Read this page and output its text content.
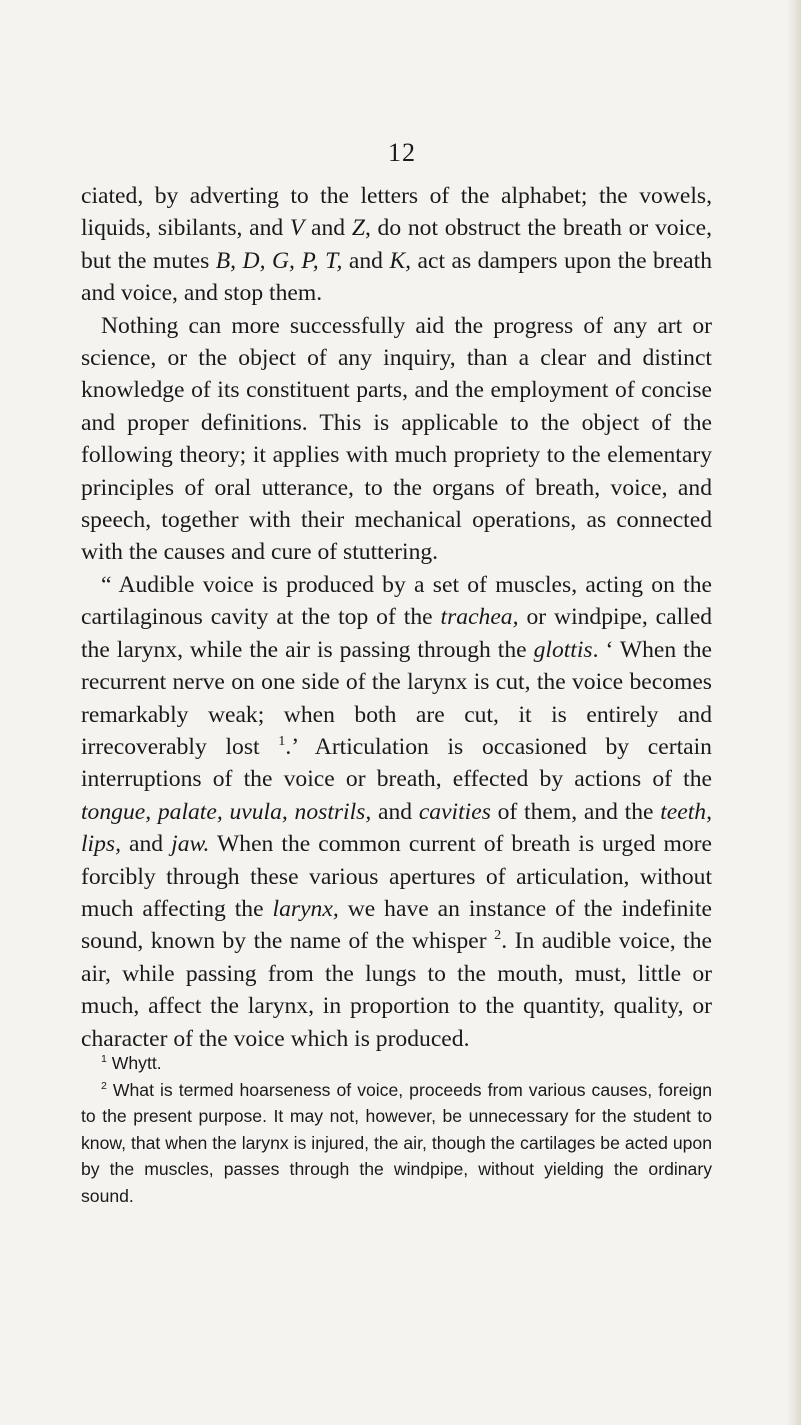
12

ciated, by adverting to the letters of the alphabet; the vowels, liquids, sibilants, and V and Z, do not obstruct the breath or voice, but the mutes B, D, G, P, T, and K, act as dampers upon the breath and voice, and stop them.

Nothing can more successfully aid the progress of any art or science, or the object of any inquiry, than a clear and distinct knowledge of its constituent parts, and the employment of concise and proper definitions. This is applicable to the object of the following theory; it applies with much propriety to the elementary principles of oral utterance, to the organs of breath, voice, and speech, together with their mechanical operations, as connected with the causes and cure of stuttering.

“ Audible voice is produced by a set of muscles, acting on the cartilaginous cavity at the top of the trachea, or windpipe, called the larynx, while the air is passing through the glottis. ‘ When the recurrent nerve on one side of the larynx is cut, the voice becomes remarkably weak; when both are cut, it is entirely and irrecoverably lost $^1$.’ Articulation is occasioned by certain interruptions of the voice or breath, effected by actions of the tongue, palate, uvula, nostrils, and cavities of them, and the teeth, lips, and jaw. When the common current of breath is urged more forcibly through these various apertures of articulation, without much affecting the larynx, we have an instance of the indefinite sound, known by the name of the whisper $^2$. In audible voice, the air, while passing from the lungs to the mouth, must, little or much, affect the larynx, in proportion to the quantity, quality, or character of the voice which is produced.

$^1$ Whytt.

$^2$ What is termed hoarseness of voice, proceeds from various causes, foreign to the present purpose. It may not, however, be unnecessary for the student to know, that when the larynx is injured, the air, though the cartilages be acted upon by the muscles, passes through the windpipe, without yielding the ordinary sound.
